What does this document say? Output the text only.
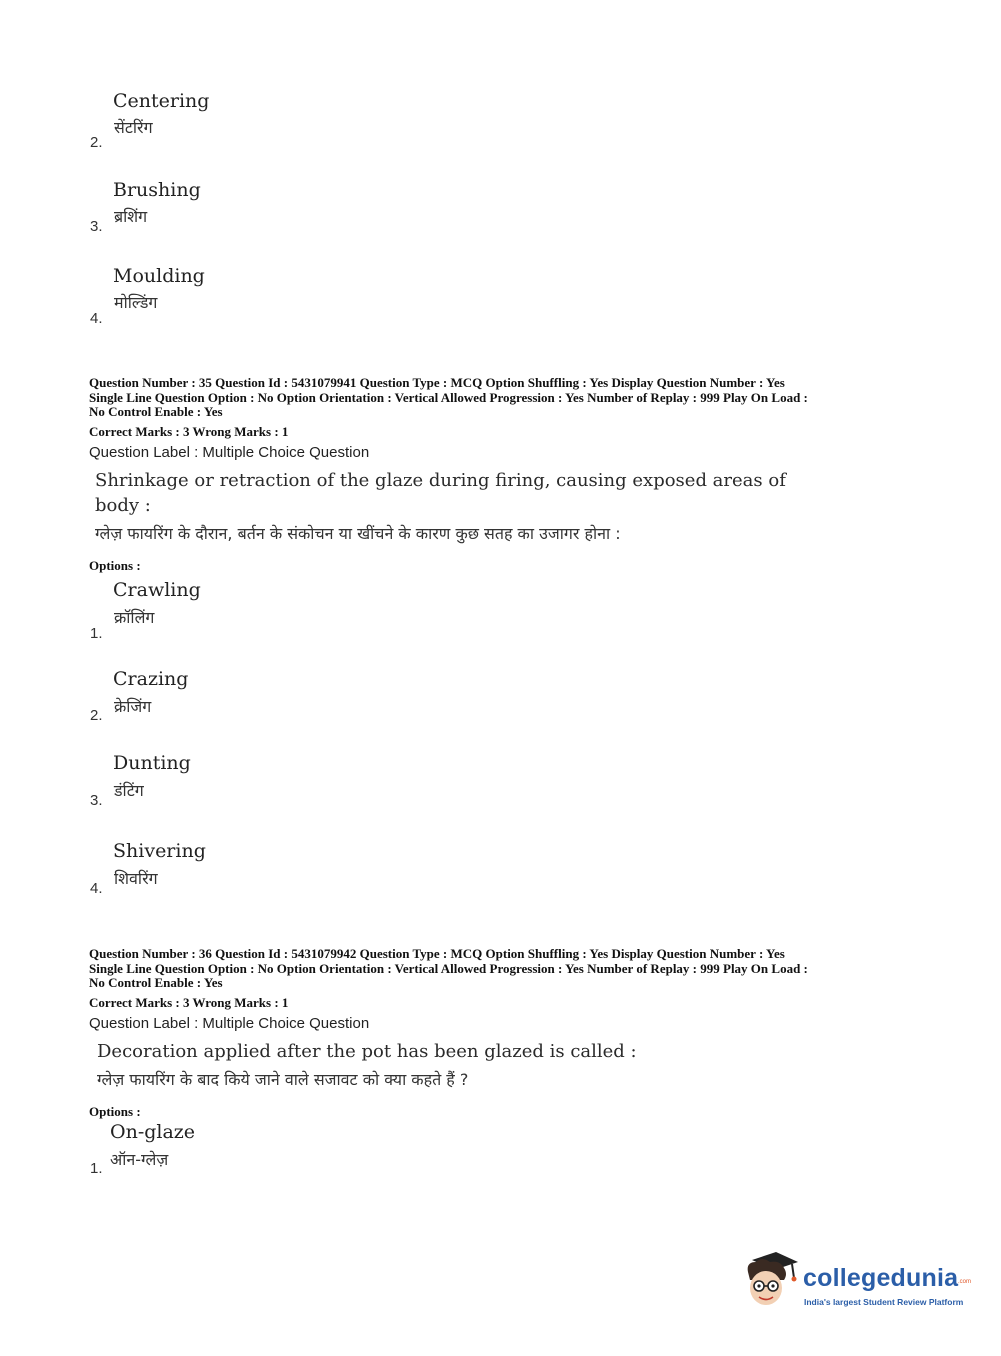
Centering
सेंटरिंग
2.
Brushing
ब्रशिंग
3.
Moulding
मोल्डिंग
4.
Question Number : 35 Question Id : 5431079941 Question Type : MCQ Option Shuffling : Yes Display Question Number : Yes
Single Line Question Option : No Option Orientation : Vertical Allowed Progression : Yes Number of Replay : 999 Play On Load :
No Control Enable : Yes
Correct Marks : 3 Wrong Marks : 1
Question Label : Multiple Choice Question
Shrinkage or retraction of the glaze during firing, causing exposed areas of
body :
ग्लेज़ फायरिंग के दौरान, बर्तन के संकोचन या खींचने के कारण कुछ सतह का उजागर होना :
Options :
Crawling
क्रॉलिंग
1.
Crazing
क्रेजिंग
2.
Dunting
डंटिंग
3.
Shivering
शिवरिंग
4.
Question Number : 36 Question Id : 5431079942 Question Type : MCQ Option Shuffling : Yes Display Question Number : Yes
Single Line Question Option : No Option Orientation : Vertical Allowed Progression : Yes Number of Replay : 999 Play On Load :
No Control Enable : Yes
Correct Marks : 3 Wrong Marks : 1
Question Label : Multiple Choice Question
Decoration applied after the pot has been glazed is called :
ग्लेज़ फायरिंग के बाद किये जाने वाले सजावट को क्या कहते हैं ?
Options :
On-glaze
ऑन-ग्लेज़
1.
collegedunia .com
India's largest Student Review Platform
